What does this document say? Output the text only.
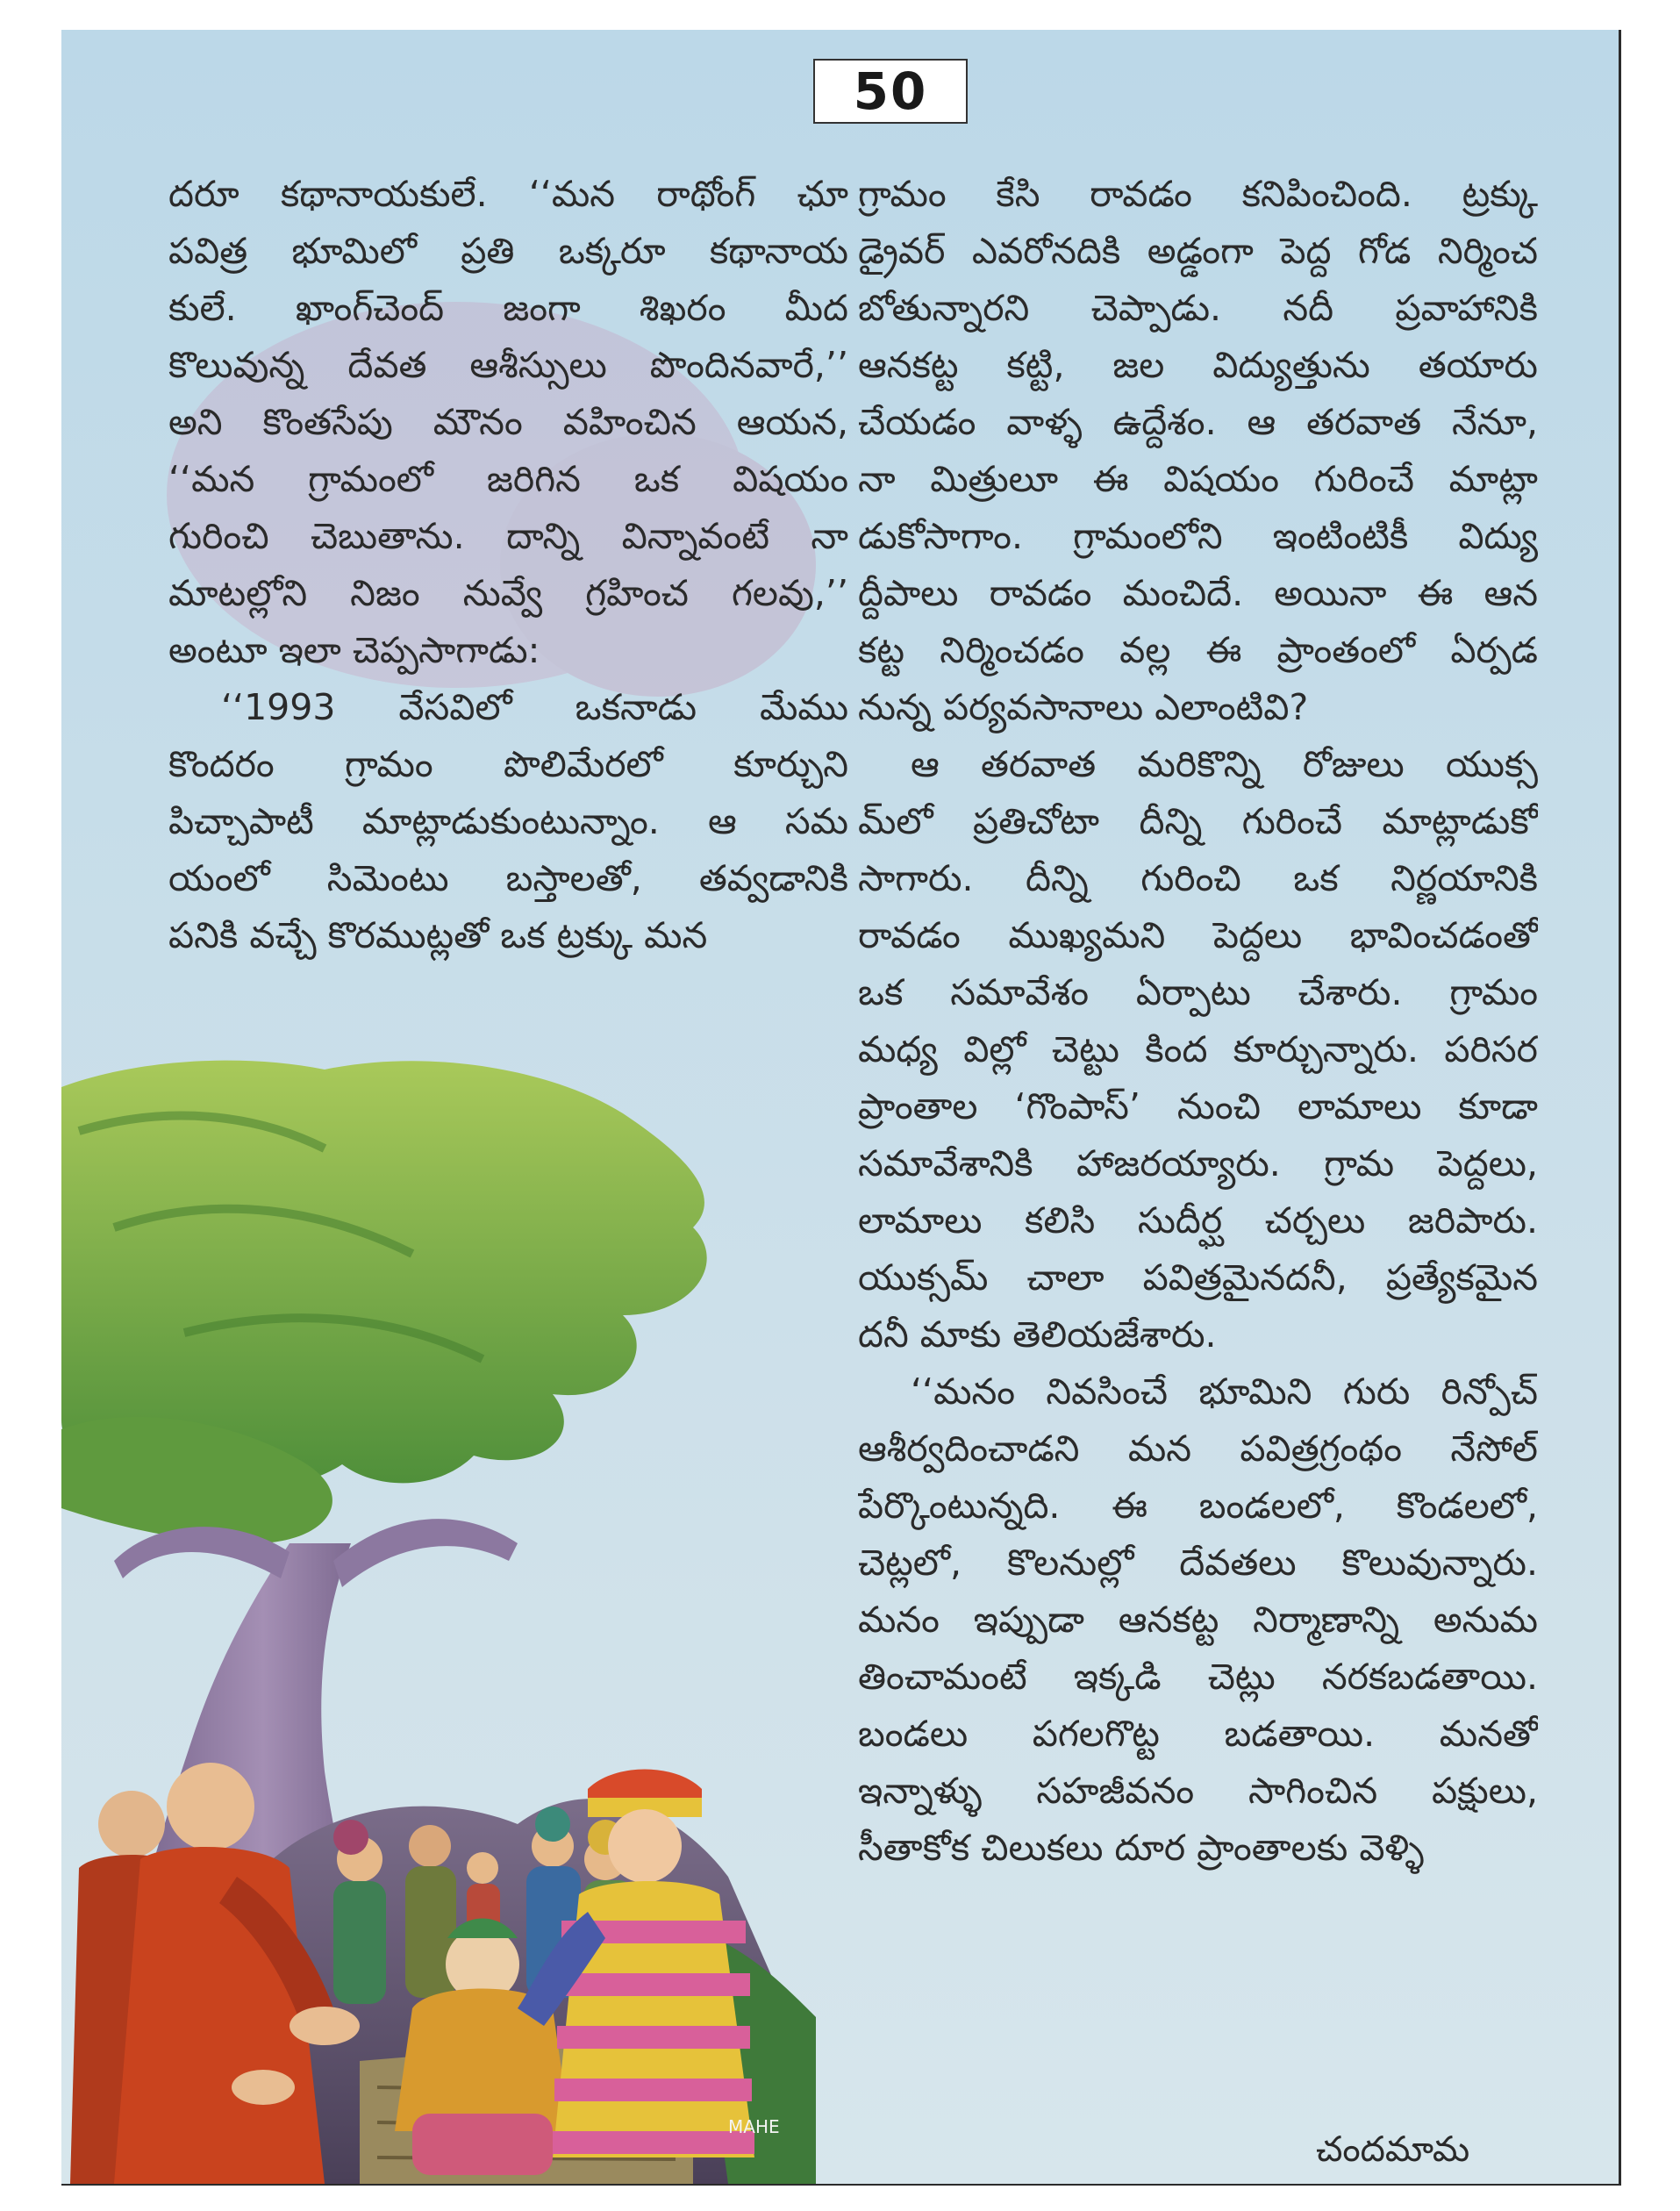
50
MAHE
దరూ కథానాయకులే. ‘‘మన రాథోంగ్ ఛూ
పవిత్ర భూమిలో ప్రతి ఒక్కరూ కథానాయ
కులే. ఖాంగ్‌చెంద్ జంగా శిఖరం మీద
కొలువున్న దేవత ఆశీస్సులు పొందినవారే,’’
అని కొంతసేపు మౌనం వహించిన ఆయన,
‘‘మన గ్రామంలో జరిగిన ఒక విషయం
గురించి చెబుతాను. దాన్ని విన్నావంటే నా
మాటల్లోని నిజం నువ్వే గ్రహించ గలవు,’’
అంటూ ఇలా చెప్పసాగాడు:
‘‘1993 వేసవిలో ఒకనాడు మేము
కొందరం గ్రామం పొలిమేరలో కూర్చుని
పిచ్చాపాటీ మాట్లాడుకుంటున్నాం. ఆ సమ
యంలో సిమెంటు బస్తాలతో, తవ్వడానికి
పనికి వచ్చే కొరముట్లతో ఒక ట్రక్కు మన
గ్రామం కేసి రావడం కనిపించింది. ట్రక్కు
డ్రైవర్ ఎవరోనదికి అడ్డంగా పెద్ద గోడ నిర్మించ
బోతున్నారని చెప్పాడు. నదీ ప్రవాహానికి
ఆనకట్ట కట్టి, జల విద్యుత్తును తయారు
చేయడం వాళ్ళ ఉద్దేశం. ఆ తరవాత నేనూ,
నా మిత్రులూ ఈ విషయం గురించే మాట్లా
డుకోసాగాం. గ్రామంలోని ఇంటింటికీ విద్యు
ద్దీపాలు రావడం మంచిదే. అయినా ఈ ఆన
కట్ట నిర్మించడం వల్ల ఈ ప్రాంతంలో ఏర్పడ
నున్న పర్యవసానాలు ఎలాంటివి?
ఆ తరవాత మరికొన్ని రోజులు యుక్స
మ్‌లో ప్రతిచోటా దీన్ని గురించే మాట్లాడుకో
సాగారు. దీన్ని గురించి ఒక నిర్ణయానికి
రావడం ముఖ్యమని పెద్దలు భావించడంతో
ఒక సమావేశం ఏర్పాటు చేశారు. గ్రామం
మధ్య విల్లో చెట్టు కింద కూర్చున్నారు. పరిసర
ప్రాంతాల ‘గొంపాస్’ నుంచి లామాలు కూడా
సమావేశానికి హాజరయ్యారు. గ్రామ పెద్దలు,
లామాలు కలిసి సుదీర్ఘ చర్చలు జరిపారు.
యుక్సమ్ చాలా పవిత్రమైనదనీ, ప్రత్యేకమైన
దనీ మాకు తెలియజేశారు.
‘‘మనం నివసించే భూమిని గురు రిన్పోచ్
ఆశీర్వదించాడని మన పవిత్రగ్రంథం నేసోల్
పేర్కొంటున్నది. ఈ బండలలో, కొండలలో,
చెట్లలో, కొలనుల్లో దేవతలు కొలువున్నారు.
మనం ఇప్పుడా ఆనకట్ట నిర్మాణాన్ని అనుమ
తించామంటే ఇక్కడి చెట్లు నరకబడతాయి.
బండలు పగలగొట్ట బడతాయి. మనతో
ఇన్నాళ్ళు సహజీవనం సాగించిన పక్షులు,
సీతాకోక చిలుకలు దూర ప్రాంతాలకు వెళ్ళి
చందమామ
